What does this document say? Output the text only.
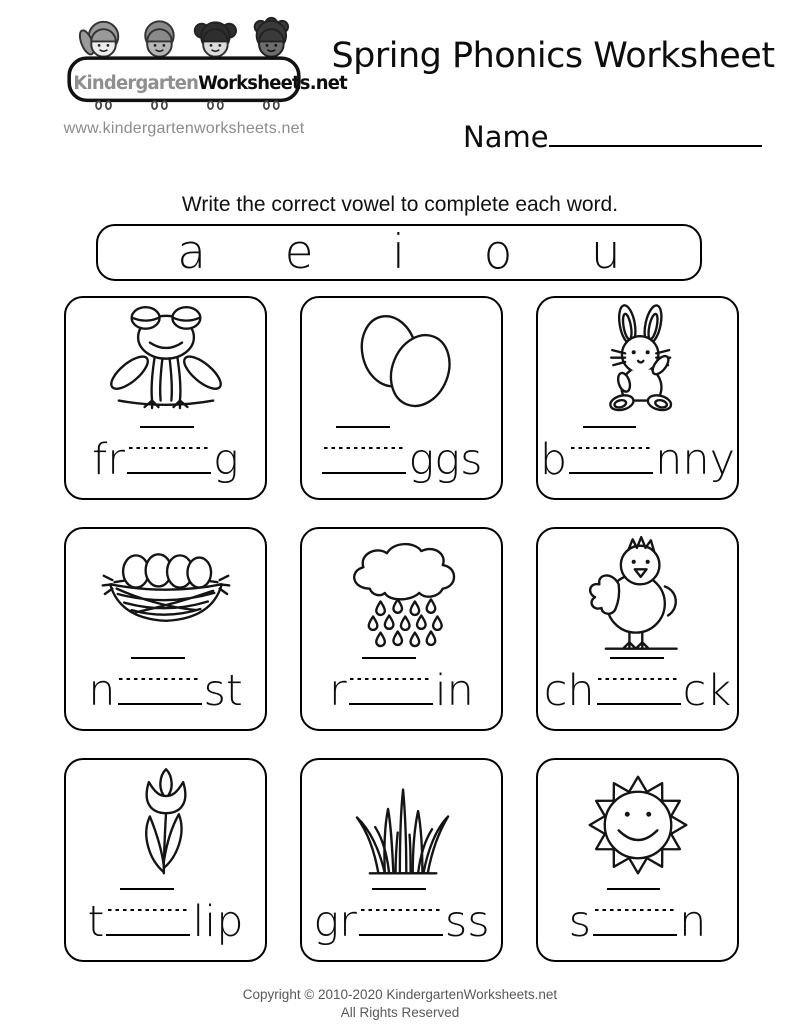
KindergartenWorksheets.net
www.kindergartenworksheets.net
Spring Phonics Worksheet
Name
Write the correct vowel to complete each word.
a e i o u
fr g	ggs b nny
n st r in ch ck
t lip gr ss s n
Copyright © 2010-2020 KindergartenWorksheets.net
All Rights Reserved
